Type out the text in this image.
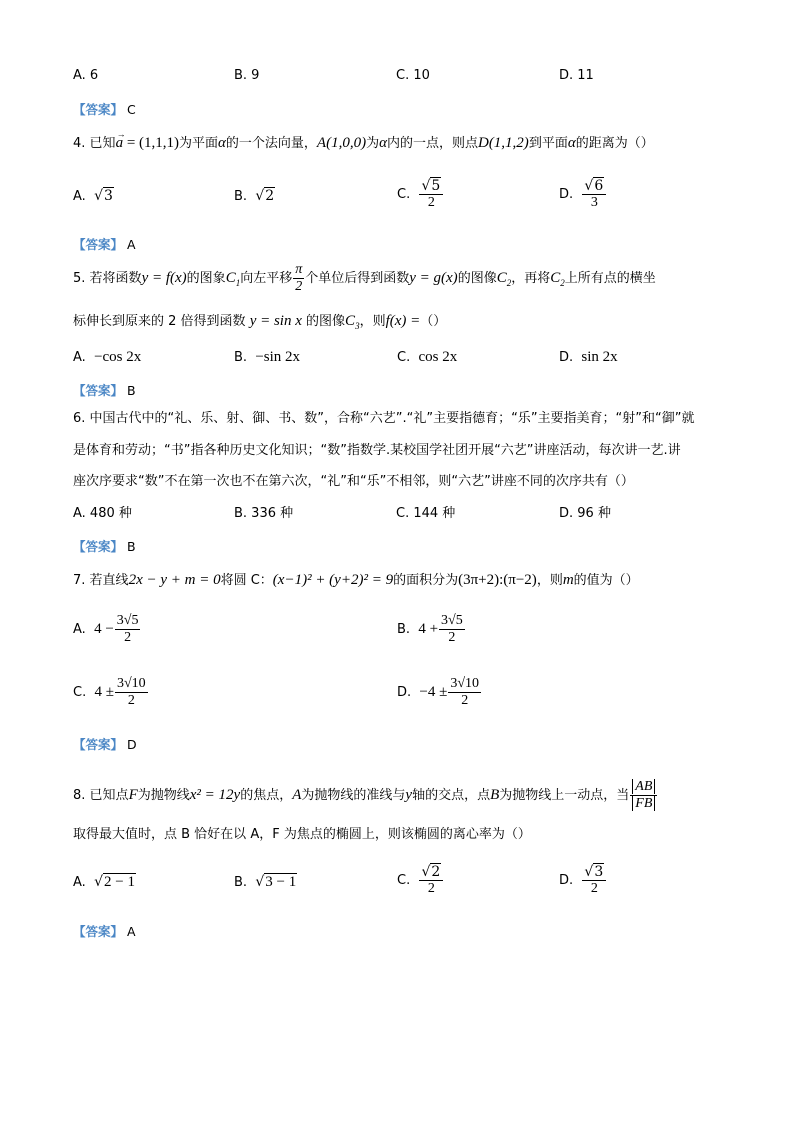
A. 6	B. 9	C. 10	D. 11
【答案】 C
4. 已知
→
a = (1,1,1)为平面α的一个法向量，A(1,0,0)为α内的一点，则点D(1,1,2)到平面α的距离为（）
A. √3	B. √2	C. $\frac{√5}{2}$	D. $\frac{√6}{3}$
【答案】 A
5. 若将函数y = f(x)的图象$C_1$向左平移 $\frac{\pi}{2}$ 个单位后得到函数y = g(x)的图像$C_2$，再将$C_2$上所有点的横坐
标伸长到原来的 2 倍得到函数 y = sin x 的图像$C_3$，则f(x) =（）
A. −cos 2x	B. −sin 2x	C. cos 2x	D. sin 2x
【答案】 B
6. 中国古代中的“礼、乐、射、御、书、数”，合称“六艺”.“礼”主要指德育；“乐”主要指美育；“射”和“御”就
是体育和劳动；“书”指各种历史文化知识；“数”指数学.某校国学社团开展“六艺”讲座活动，每次讲一艺.讲
座次序要求“数”不在第一次也不在第六次，“礼”和“乐”不相邻，则“六艺”讲座不同的次序共有（）
A. 480 种	B. 336 种	C. 144 种	D. 96 种
【答案】 B
7. 若直线2x − y + m = 0将圆 C：(x−1)² + (y+2)² = 9的面积分为(3π+2):(π−2)，则m的值为（）
A. $4 - \frac{3√5}{2}$	B. $4 + \frac{3√5}{2}$
C. $4 \pm \frac{3√10}{2}$	D. $-4 \pm \frac{3√10}{2}$
【答案】 D
8. 已知点F为抛物线x² = 12y的焦点，A为抛物线的准线与y轴的交点，点B为抛物线上一动点，当 $\frac{AB}{FB}$
取得最大值时，点 B 恰好在以 A，F 为焦点的椭圆上，则该椭圆的离心率为（）
A. √2 − 1	B. √3 − 1	C. $\frac{√2}{2}$	D. $\frac{√3}{2}$
【答案】 A
